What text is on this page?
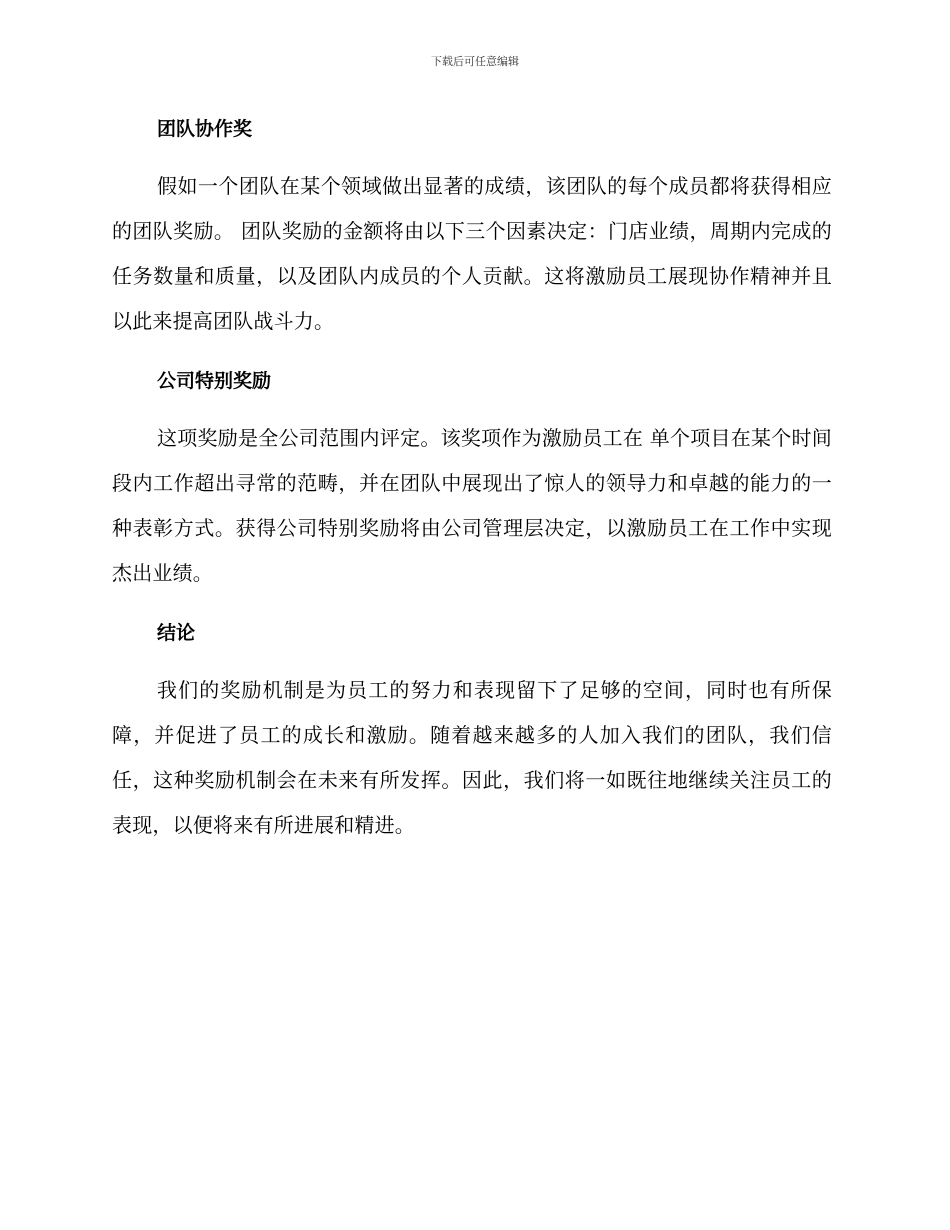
下载后可任意编辑
团队协作奖

假如一个团队在某个领域做出显著的成绩，该团队的每个成员都将获得相应的团队奖励。 团队奖励的金额将由以下三个因素决定：门店业绩，周期内完成的任务数量和质量，以及团队内成员的个人贡献。这将激励员工展现协作精神并且以此来提高团队战斗力。

公司特别奖励

这项奖励是全公司范围内评定。该奖项作为激励员工在 单个项目在某个时间段内工作超出寻常的范畴，并在团队中展现出了惊人的领导力和卓越的能力的一种表彰方式。获得公司特别奖励将由公司管理层决定，以激励员工在工作中实现杰出业绩。

结论

我们的奖励机制是为员工的努力和表现留下了足够的空间，同时也有所保障，并促进了员工的成长和激励。随着越来越多的人加入我们的团队，我们信任，这种奖励机制会在未来有所发挥。因此，我们将一如既往地继续关注员工的表现，以便将来有所进展和精进。
